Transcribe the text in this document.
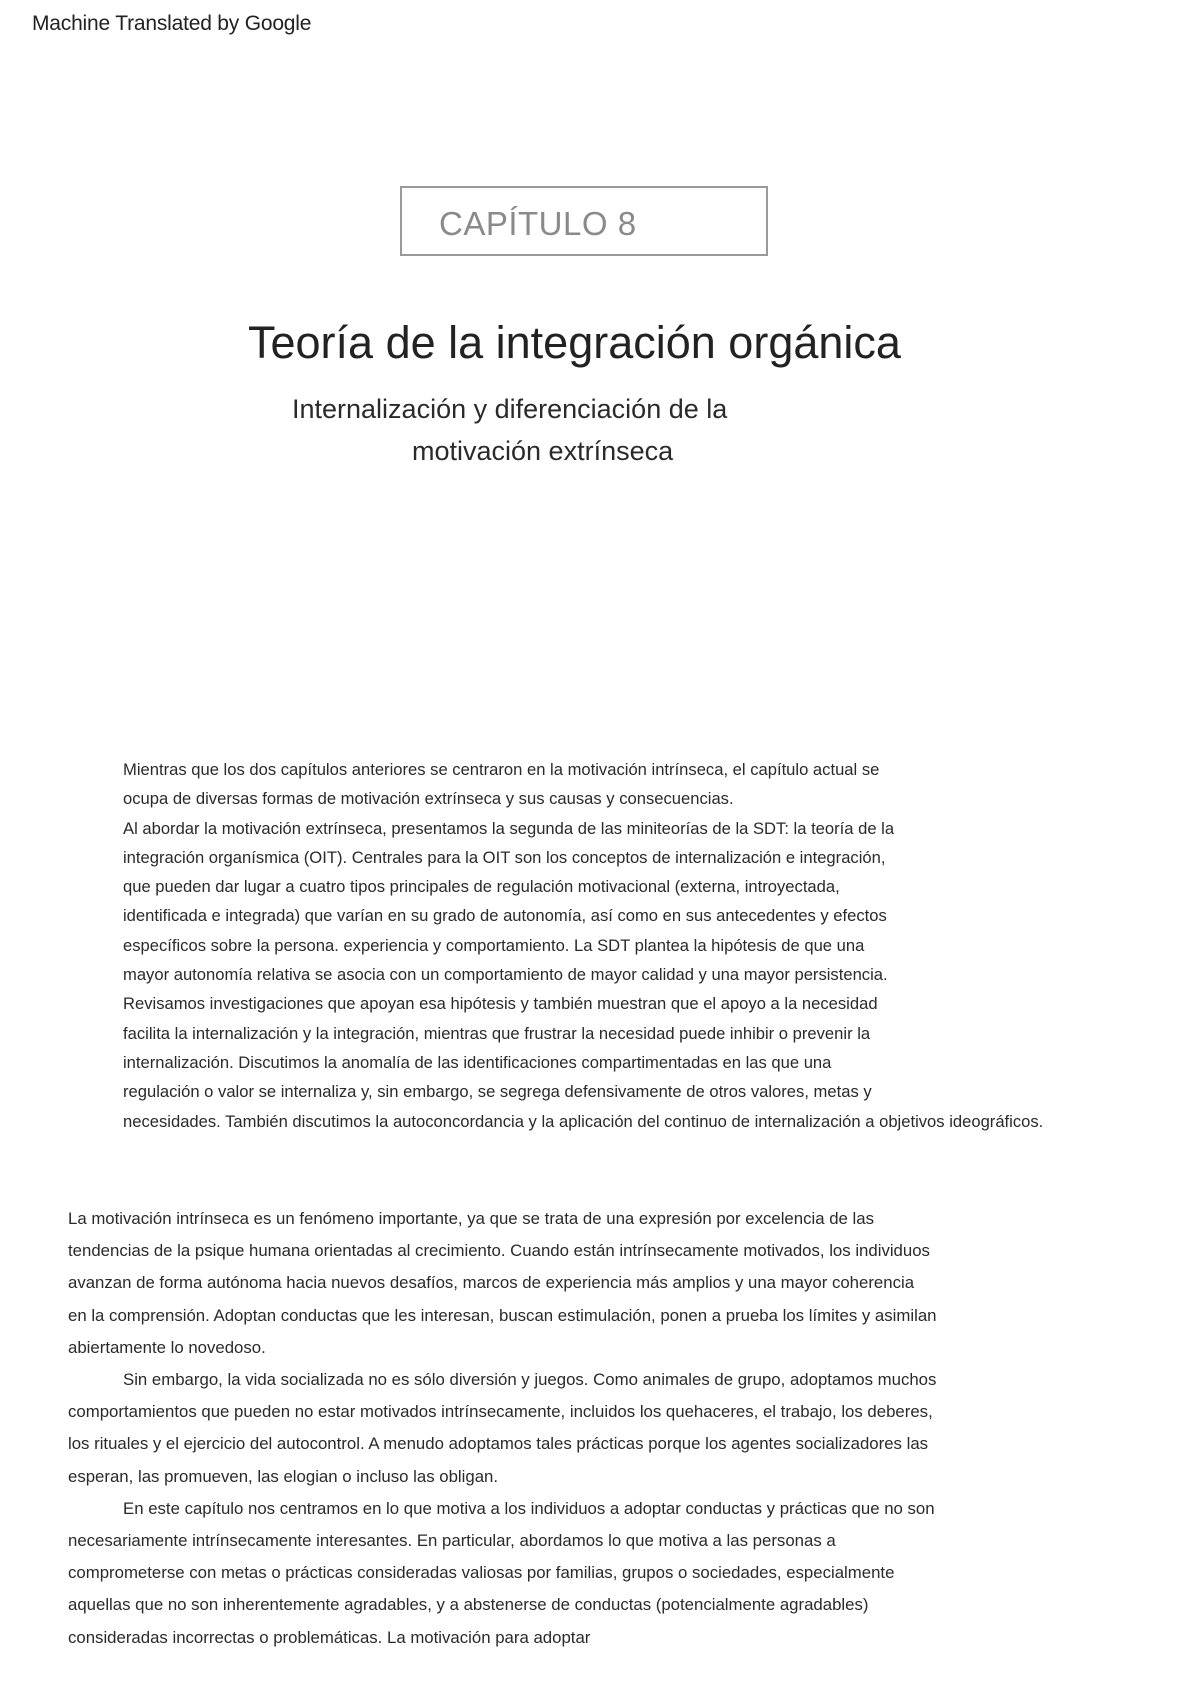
Machine Translated by Google
CAPÍTULO 8
Teoría de la integración orgánica
Internalización y diferenciación de la
motivación extrínseca
Mientras que los dos capítulos anteriores se centraron en la motivación intrínseca, el capítulo actual se
ocupa de diversas formas de motivación extrínseca y sus causas y consecuencias.
Al abordar la motivación extrínseca, presentamos la segunda de las miniteorías de la SDT: la teoría de la
integración organísmica (OIT). Centrales para la OIT son los conceptos de internalización e integración,
que pueden dar lugar a cuatro tipos principales de regulación motivacional (externa, introyectada,
identificada e integrada) que varían en su grado de autonomía, así como en sus antecedentes y efectos
específicos sobre la persona. experiencia y comportamiento. La SDT plantea la hipótesis de que una
mayor autonomía relativa se asocia con un comportamiento de mayor calidad y una mayor persistencia.
Revisamos investigaciones que apoyan esa hipótesis y también muestran que el apoyo a la necesidad
facilita la internalización y la integración, mientras que frustrar la necesidad puede inhibir o prevenir la
internalización. Discutimos la anomalía de las identificaciones compartimentadas en las que una
regulación o valor se internaliza y, sin embargo, se segrega defensivamente de otros valores, metas y
necesidades. También discutimos la autoconcordancia y la aplicación del continuo de internalización a objetivos ideográficos.
La motivación intrínseca es un fenómeno importante, ya que se trata de una expresión por excelencia de las
tendencias de la psique humana orientadas al crecimiento. Cuando están intrínsecamente motivados, los individuos
avanzan de forma autónoma hacia nuevos desafíos, marcos de experiencia más amplios y una mayor coherencia
en la comprensión. Adoptan conductas que les interesan, buscan estimulación, ponen a prueba los límites y asimilan
abiertamente lo novedoso.
Sin embargo, la vida socializada no es sólo diversión y juegos. Como animales de grupo, adoptamos muchos
comportamientos que pueden no estar motivados intrínsecamente, incluidos los quehaceres, el trabajo, los deberes,
los rituales y el ejercicio del autocontrol. A menudo adoptamos tales prácticas porque los agentes socializadores las
esperan, las promueven, las elogian o incluso las obligan.
En este capítulo nos centramos en lo que motiva a los individuos a adoptar conductas y prácticas que no son
necesariamente intrínsecamente interesantes. En particular, abordamos lo que motiva a las personas a
comprometerse con metas o prácticas consideradas valiosas por familias, grupos o sociedades, especialmente
aquellas que no son inherentemente agradables, y a abstenerse de conductas (potencialmente agradables)
consideradas incorrectas o problemáticas. La motivación para adoptar
